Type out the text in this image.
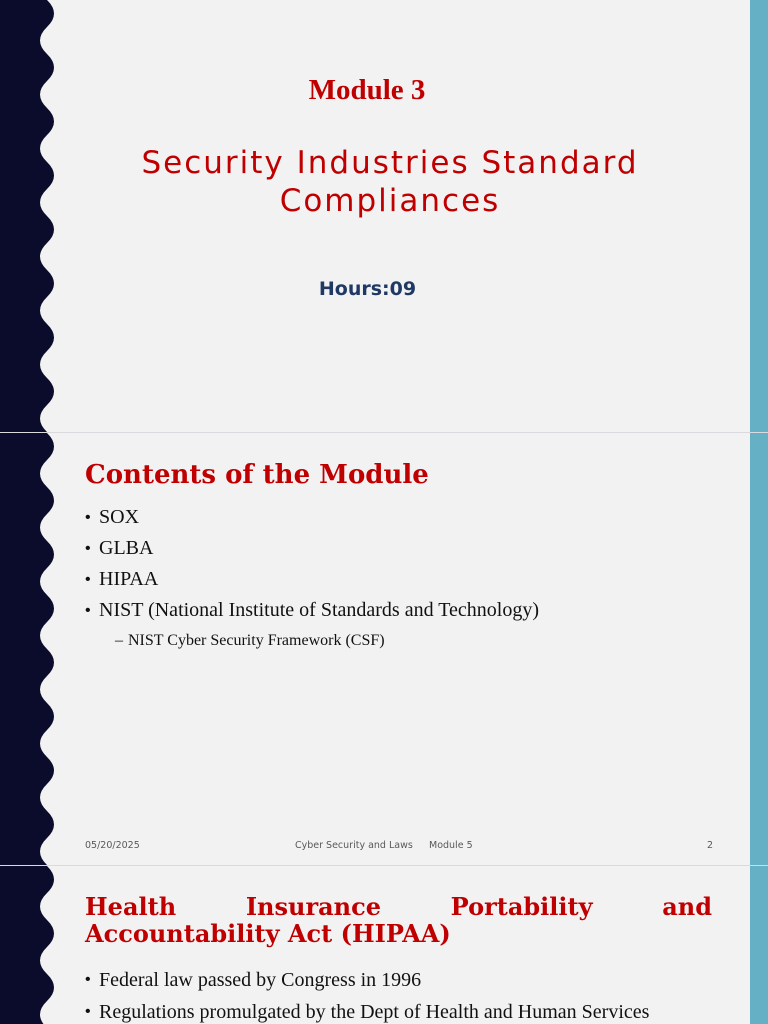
Module 3
Security Industries Standard Compliances
Hours:09
Contents of the Module
• SOX
• GLBA
• HIPAA
• NIST (National Institute of Standards and Technology)
– NIST Cyber Security Framework (CSF)
05/20/2025	Cyber Security and Laws Module 5	2
Health Insurance Portability and
Accountability Act (HIPAA)
• Federal law passed by Congress in 1996
• Regulations promulgated by the Dept of Health and Human Services
